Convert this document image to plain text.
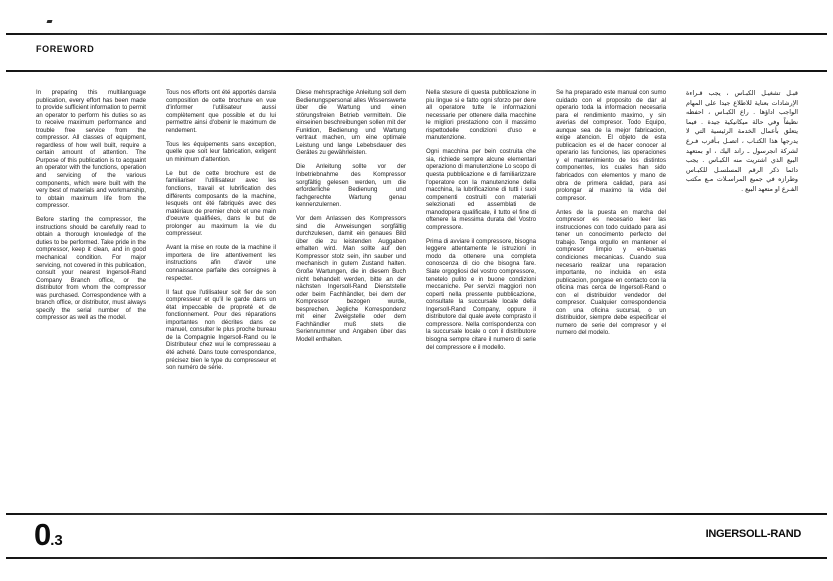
FOREWORD

In preparing this multilanguage publication, every effort has been made to provide sufficient information to permit an operator to perform his duties so as to receive maximum performance and trouble free service from the compressor. All classes of equipment, regardless of how well built, require a certain amount of attention. The Purpose of this publication is to acquaint an operator with the functions, operation and servicing of the various components, which were built with the very best of materials and workmanship, to obtain maximum life from the compressor.

Before starting the compressor, the instructions should be carefully read to obtain a thorough knowledge of the duties to be performed. Take pride in the compressor, keep it clean, and in good mechanical condition. For major servicing, not covered in this publication, consult your nearest Ingersoll-Rand Company Branch office, or the distributor from whom the compressor was purchased. Correspondence with a branch office, or distributor, must always specify the serial number of the compressor as well as the model.

Tous nos efforts ont été apportés dansla composition de cette brochure en vue d'informer l'utilisateur aussi complètement que possible et du lui permettre ainsi d'obenir le maximum de rendement.

Tous les équipements sans exception, quelle que soit leur fabrication, exligent un minimum d'attention.

Le but de cette brochure est de familiariser l'utillisateur avec les fonctions, travail et lubrification des différents composants de la machine, lesquels ont été fabriqués avec des matériaux de premier choix et une main d'oeuvre qualifiées, dans le but de prolonger au maximum la vie du compresseur.

Avant la mise en route de la machine il importera de lire attentivement les instructions afin d'avoir une connaissance parfaite des consignes à respecter.

Il faut que l'utilisateur soit fier de son compresseur et qu'il le garde dans un état impeccable de propreté et de fonctionnement. Pour des réparations importantes non décrites dans ce manuel, consulter le plus proche bureau de la Compagnie Ingersoll-Rand ou le Distributeur chez wui le compresseau a été acheté. Dans toute correspondance, précisez bien le type du compresseur et son numéro de série.

Diese mehrsprachige Anleitung soll dem Bedienungspersonal alles Wissenswerte über die Wartung und einen störungsfreien Betrieb vermitteln. Die einseinen beschreibungen sollen mit der Funktion, Bedienung und Wartung vertraut machen, um eine optimale Leistung und lange Lebebsdauer des Gerätes zu gewährleisten.

Die Anleitung sollte vor der Inbetriebnahme des Kompressor sorgfältig gelesen werden, um die erforderliche Bedienung und fachgerechte Wartung genau kennenzulernen.

Vor dem Anlassen des Kompressors sind die Anweisungen sorgfältig durchzulesen, damit ein genaues Bild über die zu leistenden Auggaben erhalten wird. Man sollte auf den Kompressor stolz sein, ihn sauber und mechanisch in gutem Zustand halten. Große Wartungen, die in diesem Buch nicht behandelt werden, bitte an der nächsten Ingersoll-Rand Dienststelle oder beim Fachhändler, bei dem der Kompressor bezogen wurde, besprechen. Jegliche Korrespondenz mit einer Zweigstelle oder dem Fachhändler muß stets die Seriennummer und Angaben über das Modell enthalten.

Nella stesure di questa pubblicazione in piu lingue si e fatto ogni sforzo per dere all operatore tutte le informazioni necessarie per ottenere dalla macchine le migliori prestaziono con il massimo rispettodelle condizioni d'uso e manutenzione.

Ogni macchina per bein costruita che sia, richiede sempre alcune elementari operaziono di manutenzione Lo scopo di questa pubblicazione e di familiarizzare l'operatore con la manutenzione della macchina, la lubrificazione di tutti i suoi compenenti costruiti con materiali selezionati ed assemblati de manodopera qualificate, il tutto el fine di oftenere la messima durata del Vostro compressore.

Prima di avviare il compressore, bisogna leggere attentamente le istruzioni in modo da ottenere una completa conoscenza di cio che bisogna fare. Siate orgogliosi del vostro compressore, tenetelo pulito e in buone condizioni meccaniche. Per servizi maggiori non coperti nella pressente pubblicazione, consultate la succursale locale della Ingersoll-Rand Company, oppure il distributore dal quale avete comprasto il compressore. Nella corrispondenza con la succursale locale o con il distributore bisogna sempre citare il numero di serie del compressore e il modello.

Se ha preparado este manual con sumo cuidado con el proposito de dar al operario toda la informacion necesaria para el rendimiento maximo, y sin averias del compresor. Todo Equipo, aunque sea de la mejor fabricacion, exige atencion. El objeto de esta publicacion es el de hacer conocer al operario las funciones, las operaciones y el mantenimiento de los distintos componentes, los cuales han sido fabricados con elementos y mano de obra de primera calidad, para asi prolongar al maximo la vida del compresor.

Antes de la puesta en marcha del compresor es necesario leer las instrucciones con todo cuidado para asi tener un conocimento perfecto del trabajo. Tenga orgullo en mantener el compresor limpio y en-buenas condiciones mecanicas. Cuando sua necesario realizar una reparacion importante, no incluida en esta publicacion, pongase en contacto con la oficina mas cerca de Ingersoll-Rand o con el distribuidor vendedor del compresor. Cualquier correspondencia con una oficina sucursal, o un distribuidor, siempre debe especificar el numero de serie del compresor y el numero del modelo.

قبـل تشغيـل الكبـاس ، يجب قـراءة الإرشادات بعناية للاطلاع جيدا على المهام الواجب اداؤها . راع الكبـاس ، احفظه نظيفاً وفي حالة ميكانيكية جيدة . فيما يتعلق بأعمال الخدمة الرئيسية التي لا يدرجها هذا الكتـاب ، اتصـل بـأقرب فـرع لشركة انجرسول ـ راند اليك ، او بمتعهد البيع الذي اشتريت منه الكبـاس . يجب دائما ذكر الرقم المسلسـل للكبـاس وطرازه في جميع المراسـلات مـع مكتب الفـرع او متعهد البيع .

0.3	INGERSOLL-RAND
